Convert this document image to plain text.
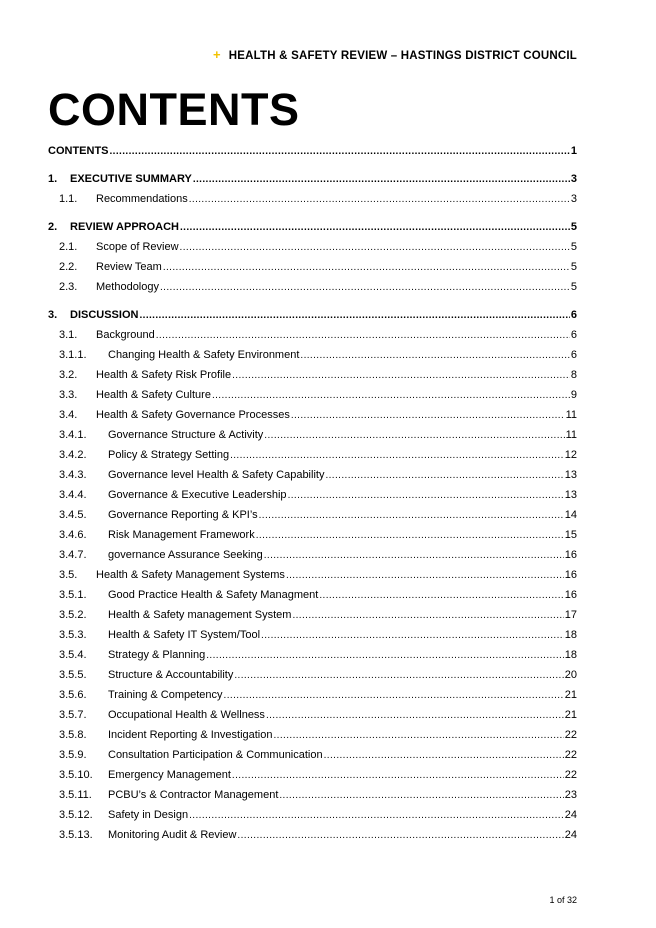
+ HEALTH & SAFETY REVIEW – HASTINGS DISTRICT COUNCIL
CONTENTS
CONTENTS .....	1
1.	EXECUTIVE SUMMARY .....	3
1.1.	Recommendations .....	3
2.	REVIEW APPROACH .....	5
2.1.	Scope of Review .....	5
2.2.	Review Team .....	5
2.3.	Methodology .....	5
3.	DISCUSSION .....	6
3.1.	Background .....	6
3.1.1.	Changing Health & Safety Environment .....	6
3.2.	Health & Safety Risk Profile .....	8
3.3.	Health & Safety Culture .....	9
3.4.	Health & Safety Governance Processes .....	11
3.4.1.	Governance Structure & Activity .....	11
3.4.2.	Policy & Strategy Setting .....	12
3.4.3.	Governance level Health & Safety Capability .....	13
3.4.4.	Governance & Executive Leadership .....	13
3.4.5.	Governance Reporting & KPI’s .....	14
3.4.6.	Risk Management Framework .....	15
3.4.7.	governance Assurance Seeking .....	16
3.5.	Health & Safety Management Systems .....	16
3.5.1.	Good Practice Health & Safety Managment .....	16
3.5.2.	Health & Safety management System .....	17
3.5.3.	Health & Safety IT System/Tool .....	18
3.5.4.	Strategy & Planning .....	18
3.5.5.	Structure & Accountability .....	20
3.5.6.	Training & Competency .....	21
3.5.7.	Occupational Health & Wellness .....	21
3.5.8.	Incident Reporting & Investigation .....	22
3.5.9.	Consultation Participation & Communication .....	22
3.5.10.	Emergency Management .....	22
3.5.11.	PCBU’s & Contractor Management .....	23
3.5.12.	Safety in Design .....	24
3.5.13.	Monitoring Audit & Review .....	24
1 of 32
